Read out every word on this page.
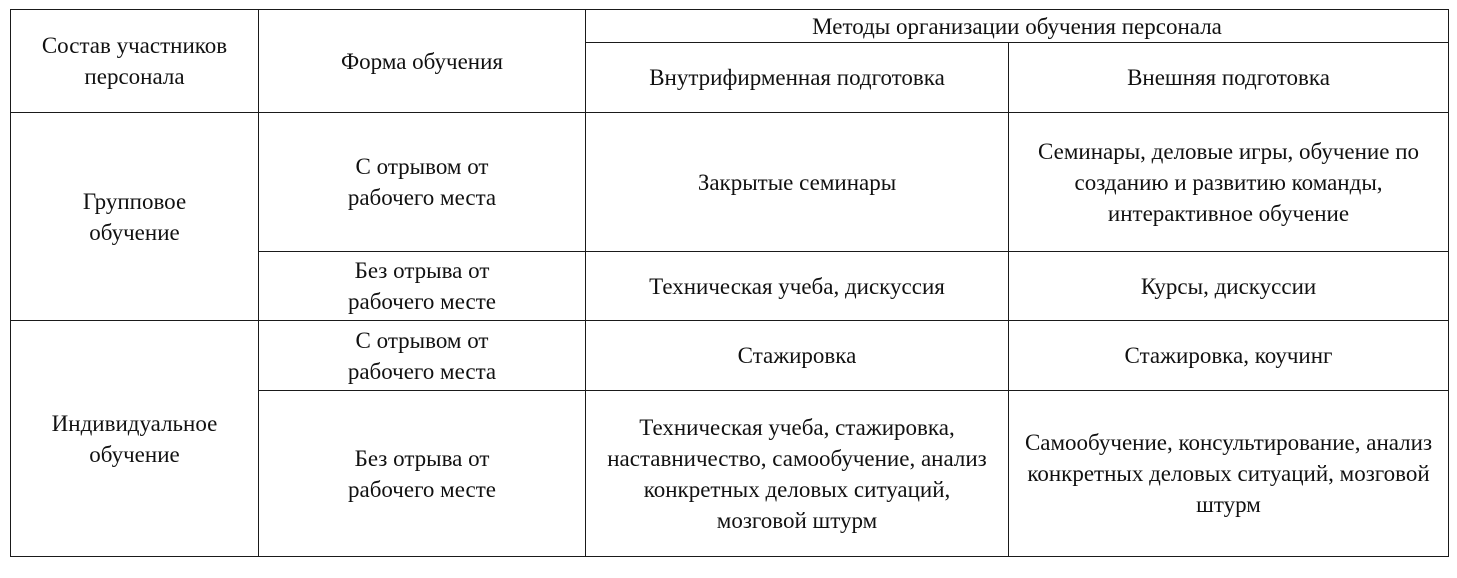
Состав участников персонала	Форма обучения	Методы организации обучения персонала	
		Внутрифирменная подготовка	Внешняя подготовка
Групповое обучение	С отрывом от рабочего места	Закрытые семинары	Семинары, деловые игры, обучение по созданию и развитию команды, интерактивное обучение
	Без отрыва от рабочего месте	Техническая учеба, дискуссия	Курсы, дискуссии
Индивидуальное обучение	С отрывом от рабочего места	Стажировка	Стажировка, коучинг
	Без отрыва от рабочего месте	Техническая учеба, стажировка, наставничество, самообучение, анализ конкретных деловых ситуаций, мозговой штурм	Самообучение, консультирование, анализ конкретных деловых ситуаций, мозговой штурм
